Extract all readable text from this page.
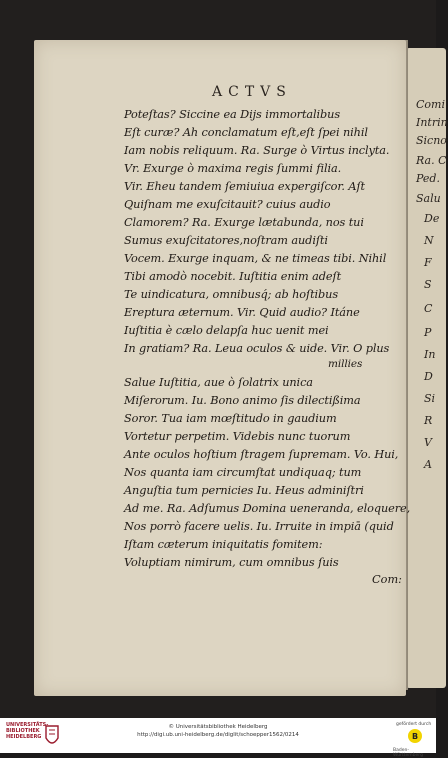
Comi
Intrin
Sicno
Ra. C
Ped.
Salu
De
N
F
S
C
P
In
D
Si
R
V
A
ACTVS
Poteſtas? Siccine ea Dijs immortalibus
Eſt curæ? Ah conclamatum eſt,eſt ſpei nihil
Iam nobis reliquum. Ra. Surge ò Virtus inclyta.
Vr. Exurge ò maxima regis ſummi filia.
Vir. Eheu tandem ſemiuiua expergiſcor. Aſt
Quiſnam me exuſcitauit? cuius audio
Clamorem? Ra. Exurge lætabunda, nos tui
Sumus exuſcitatores,noſtram audiſti
Vocem. Exurge inquam, & ne timeas tibi. Nihil
Tibi amodò nocebit. Iuſtitia enim adeſt
Te uindicatura, omnibusq́; ab hoſtibus
Ereptura æternum. Vir. Quid audio? Itáne
Iuſtitia è cælo delapſa huc uenit mei
In gratiam? Ra. Leua oculos & uide. Vir. O plus
millies
Salue Iuſtitia, aue ò ſolatrix unica
Miſerorum. Iu. Bono animo ſis dilectißima
Soror. Tua iam mœſtitudo in gaudium
Vortetur perpetim. Videbis nunc tuorum
Ante oculos hoſtium ſtragem ſupremam. Vo. Hui,
Nos quanta iam circumſtat undiquaq; tum
Anguſtia tum pernicies Iu. Heus adminiſtri
Ad me. Ra. Adſumus Domina ueneranda, eloquere,
Nos porrò facere uelis. Iu. Irruite in impiā (quid
Iſtam cæterum iniquitatis fomitem:
Voluptiam nimirum, cum omnibus ſuis
Com:
UNIVERSITÄTS-
BIBLIOTHEK
HEIDELBERG
© Universitätsbibliothek Heidelberg
http://digi.ub.uni-heidelberg.de/diglit/schoepper1562/0214
gefördert durch
B
Baden-Württemberg
